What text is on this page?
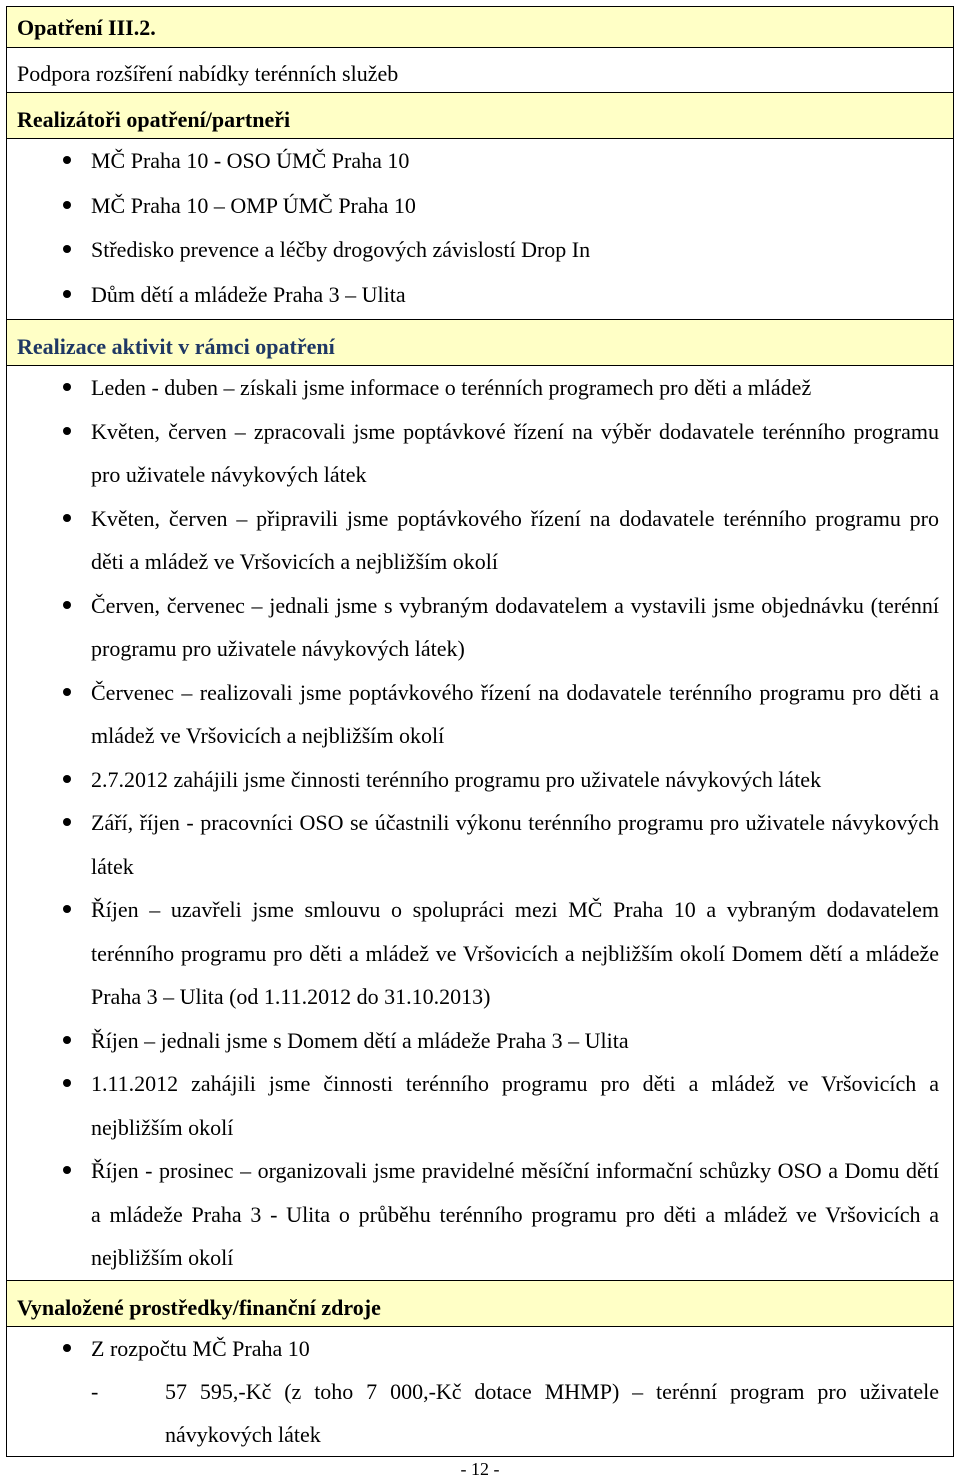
Opatření III.2.
Podpora rozšíření nabídky terénních služeb
Realizátoři opatření/partneři
MČ Praha 10 - OSO ÚMČ Praha 10
MČ Praha 10 – OMP ÚMČ Praha 10
Středisko prevence a léčby drogových závislostí Drop In
Dům dětí a mládeže Praha 3 – Ulita
Realizace aktivit v rámci opatření
Leden - duben – získali jsme informace o terénních programech pro děti a mládež
Květen, červen – zpracovali jsme poptávkové řízení na výběr dodavatele terénního programu pro uživatele návykových látek
Květen, červen – připravili jsme poptávkového řízení na dodavatele terénního programu pro děti a mládež ve Vršovicích a nejbližším okolí
Červen, červenec – jednali jsme s vybraným dodavatelem a vystavili jsme objednávku (terénní programu pro uživatele návykových látek)
Červenec – realizovali jsme poptávkového řízení na dodavatele terénního programu pro děti a mládež ve Vršovicích a nejbližším okolí
2.7.2012 zahájili jsme činnosti terénního programu pro uživatele návykových látek
Září, říjen - pracovníci OSO se účastnili výkonu terénního programu pro uživatele návykových látek
Říjen – uzavřeli jsme smlouvu o spolupráci mezi MČ Praha 10 a vybraným dodavatelem terénního programu pro děti a mládež ve Vršovicích a nejbližším okolí Domem dětí a mládeže Praha 3 – Ulita (od 1.11.2012 do 31.10.2013)
Říjen – jednali jsme s Domem dětí a mládeže Praha 3 – Ulita
1.11.2012 zahájili jsme činnosti terénního programu pro děti a mládež ve Vršovicích a nejbližším okolí
Říjen - prosinec – organizovali jsme pravidelné měsíční informační schůzky OSO a Domu dětí a mládeže Praha 3 - Ulita o průběhu terénního programu pro děti a mládež ve Vršovicích a nejbližším okolí
Vynaložené prostředky/finanční zdroje
Z rozpočtu MČ Praha 10
-	57 595,-Kč (z toho 7 000,-Kč dotace MHMP) – terénní program pro uživatele návykových látek
- 12 -
